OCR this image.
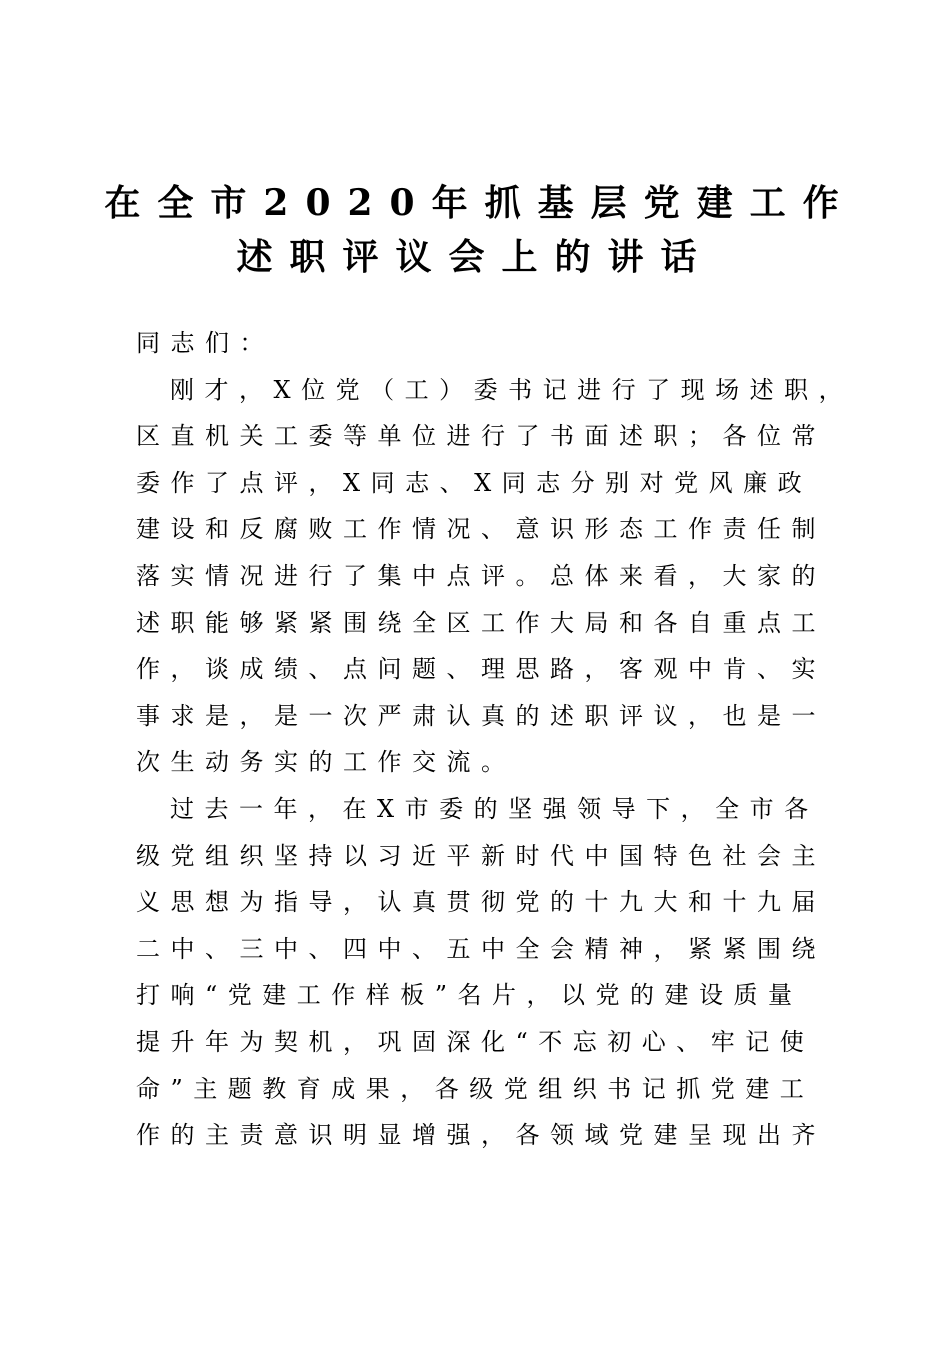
在全市2020年抓基层党建工作
述职评议会上的讲话
同志们：
刚才，X位党（工）委书记进行了现场述职，
区直机关工委等单位进行了书面述职；各位常
委作了点评，X同志、X同志分别对党风廉政
建设和反腐败工作情况、意识形态工作责任制
落实情况进行了集中点评。总体来看，大家的
述职能够紧紧围绕全区工作大局和各自重点工
作，谈成绩、点问题、理思路，客观中肯、实
事求是，是一次严肃认真的述职评议，也是一
次生动务实的工作交流。
过去一年，在X市委的坚强领导下，全市各
级党组织坚持以习近平新时代中国特色社会主
义思想为指导，认真贯彻党的十九大和十九届
二中、三中、四中、五中全会精神，紧紧围绕
打响“党建工作样板”名片，以党的建设质量
提升年为契机，巩固深化“不忘初心、牢记使
命”主题教育成果，各级党组织书记抓党建工
作的主责意识明显增强，各领域党建呈现出齐
